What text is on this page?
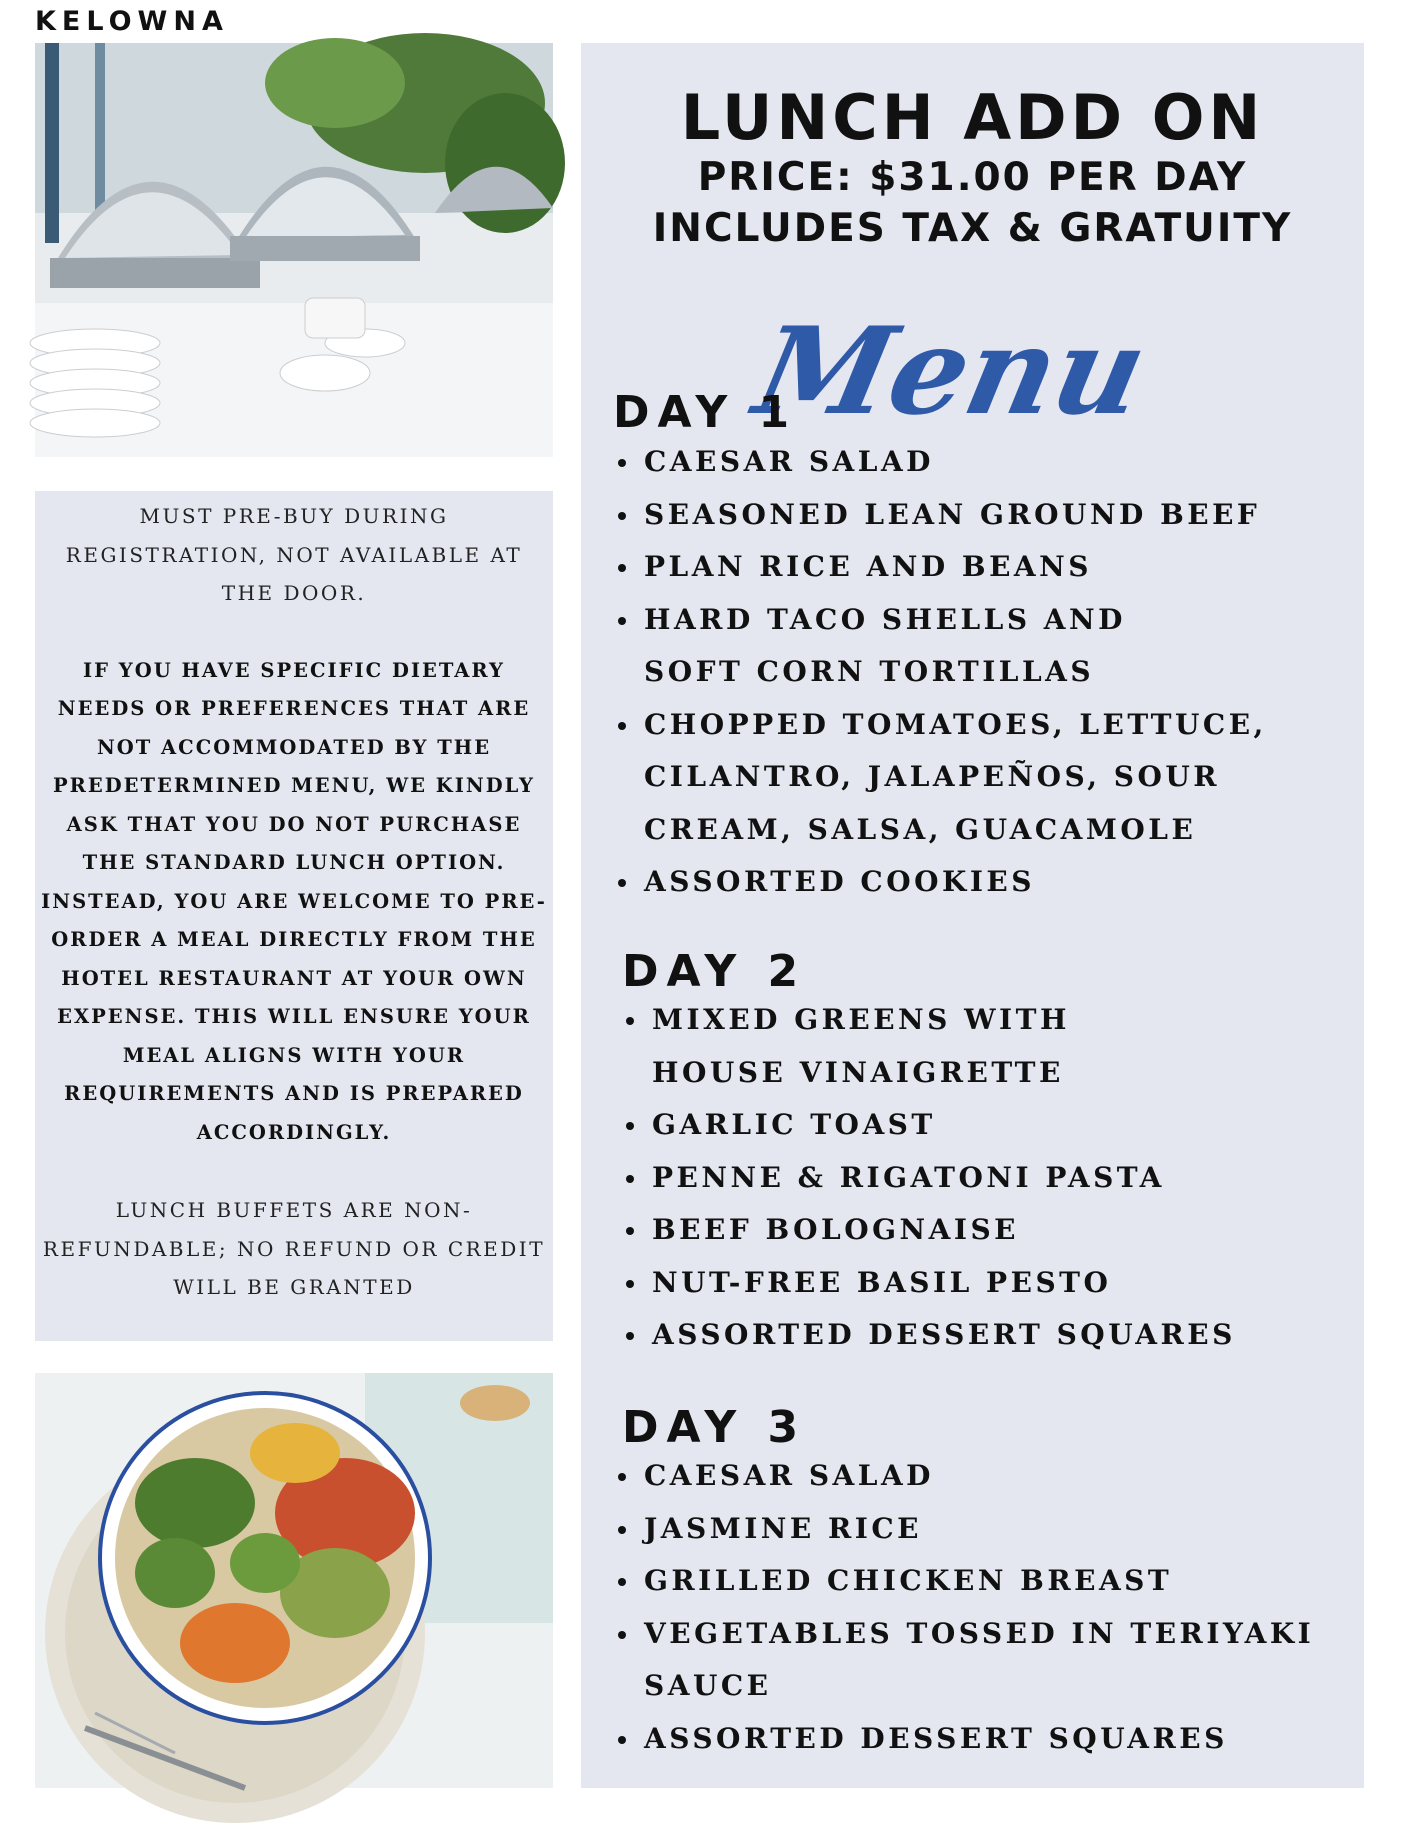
KELOWNA

MUST PRE-BUY DURING REGISTRATION, NOT AVAILABLE AT THE DOOR.

IF YOU HAVE SPECIFIC DIETARY NEEDS OR PREFERENCES THAT ARE NOT ACCOMMODATED BY THE PREDETERMINED MENU, WE KINDLY ASK THAT YOU DO NOT PURCHASE THE STANDARD LUNCH OPTION. INSTEAD, YOU ARE WELCOME TO PRE-ORDER A MEAL DIRECTLY FROM THE HOTEL RESTAURANT AT YOUR OWN EXPENSE. THIS WILL ENSURE YOUR MEAL ALIGNS WITH YOUR REQUIREMENTS AND IS PREPARED ACCORDINGLY.

LUNCH BUFFETS ARE NON-REFUNDABLE; NO REFUND OR CREDIT WILL BE GRANTED

LUNCH ADD ON
PRICE: $31.00 PER DAY
INCLUDES TAX & GRATUITY
Menu
DAY 1
DAY 2
DAY 3
CAESAR SALAD
SEASONED LEAN GROUND BEEF
PLAN RICE AND BEANS
HARD TACO SHELLS AND SOFT CORN TORTILLAS
CHOPPED TOMATOES, LETTUCE, CILANTRO, JALAPEÑOS, SOUR CREAM, SALSA, GUACAMOLE
ASSORTED COOKIES
MIXED GREENS WITH HOUSE VINAIGRETTE
GARLIC TOAST
PENNE & RIGATONI PASTA
BEEF BOLOGNAISE
NUT-FREE BASIL PESTO
ASSORTED DESSERT SQUARES
CAESAR SALAD
JASMINE RICE
GRILLED CHICKEN BREAST
VEGETABLES TOSSED IN TERIYAKI SAUCE
ASSORTED DESSERT SQUARES
